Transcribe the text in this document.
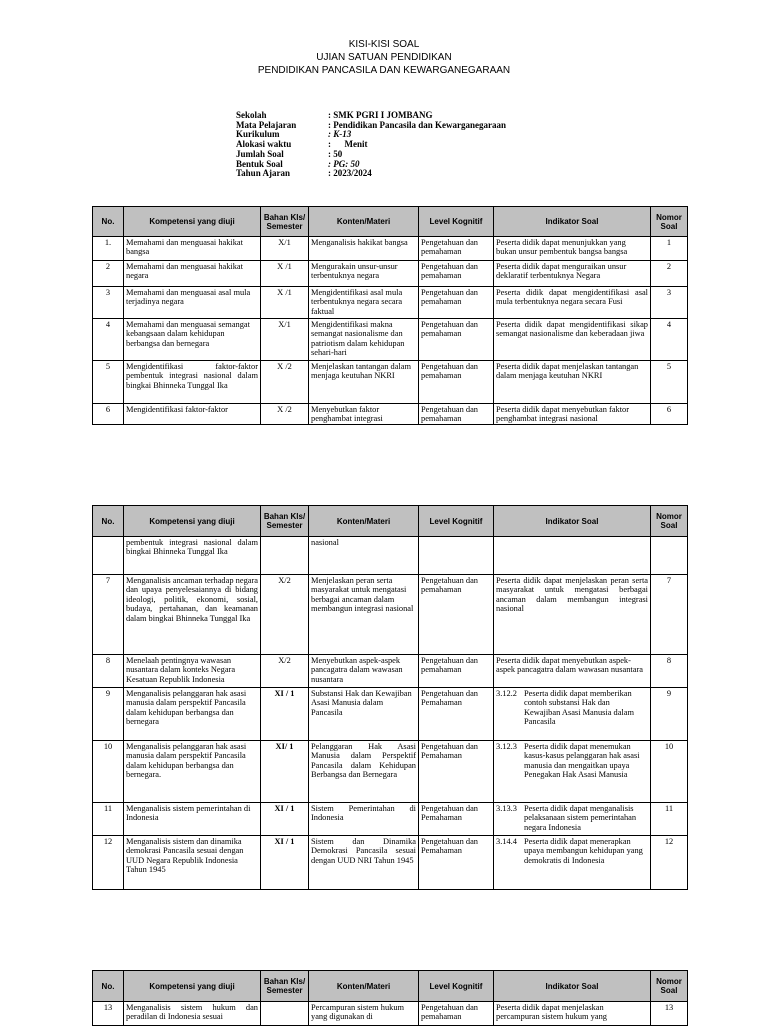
KISI-KISI SOAL
UJIAN SATUAN PENDIDIKAN
PENDIDIKAN PANCASILA DAN KEWARGANEGARAAN
Sekolah	: SMK PGRI I JOMBANG
Mata Pelajaran	: Pendidikan Pancasila dan Kewarganegaraan
Kurikulum	: K-13
Alokasi waktu	:      Menit
Jumlah Soal	: 50
Bentuk Soal	: PG: 50
Tahun Ajaran	: 2023/2024
No.	Kompetensi yang diuji	Bahan Kls/ Semester	Konten/Materi	Level Kognitif	Indikator Soal	Nomor Soal
1.	Memahami dan menguasai hakikat bangsa	X/1	Menganalisis hakikat bangsa	Pengetahuan dan pemahaman	Peserta didik dapat menunjukkan yang bukan unsur pembentuk bangsa bangsa	1
2	Memahami dan menguasai hakikat negara	X /1	Mengurakain unsur-unsur terbentuknya negara	Pengetahuan dan pemahaman	Peserta didik dapat menguraikan unsur deklaratif terbentuknya Negara	2
3	Memahami dan menguasai asal mula terjadinya negara	X /1	Mengidentifikasi asal mula terbentuknya negara secara faktual	Pengetahuan dan pemahaman	Peserta didik dapat mengidentifikasi asal mula terbentuknya negara secara Fusi	3
4	Memahami dan menguasai semangat kebangsaan dalam kehidupan berbangsa dan bernegara	X/1	Mengidentifikasi makna semangat nasionalisme dan patriotism dalam kehidupan sehari-hari	Pengetahuan dan pemahaman	Peserta didik dapat mengidentifikasi sikap semangat nasionalisme dan keberadaan jiwa	4
5	Mengidentifikasi faktor-faktor pembentuk integrasi nasional dalam bingkai Bhinneka Tunggal Ika	X /2	Menjelaskan tantangan dalam menjaga keutuhan NKRI	Pengetahuan dan pemahaman	Peserta didik dapat menjelaskan tantangan dalam menjaga keutuhan NKRI	5
6	Mengidentifikasi faktor-faktor	X /2	Menyebutkan faktor penghambat integrasi	Pengetahuan dan pemahaman	Peserta didik dapat menyebutkan faktor penghambat integrasi nasional	6
No.	Kompetensi yang diuji	Bahan Kls/ Semester	Konten/Materi	Level Kognitif	Indikator Soal	Nomor Soal
	pembentuk integrasi nasional dalam bingkai Bhinneka Tunggal Ika		nasional			
7	Menganalisis ancaman terhadap negara dan upaya penyelesaiannya di bidang ideologi, politik, ekonomi, sosial, budaya, pertahanan, dan keamanan dalam bingkai Bhinneka Tunggal Ika	X/2	Menjelaskan peran serta masyarakat untuk mengatasi berbagai ancaman dalam membangun integrasi nasional	Pengetahuan dan pemahaman	Peserta didik dapat menjelaskan peran serta masyarakat untuk mengatasi berbagai ancaman dalam membangun integrasi nasional	7
8	Menelaah pentingnya wawasan nusantara dalam konteks Negara Kesatuan Republik Indonesia	X/2	Menyebutkan aspek-aspek pancagatra dalam wawasan nusantara	Pengetahuan dan pemahaman	Peserta didik dapat menyebutkan aspek-aspek pancagatra dalam wawasan nusantara	8
9	Menganalisis pelanggaran hak asasi manusia dalam perspektif Pancasila dalam kehidupan berbangsa dan bernegara	XI / 1	Substansi Hak dan Kewajiban Asasi Manusia dalam Pancasila	Pengetahuan dan Pemahaman	3.12.2 Peserta didik dapat memberikan contoh substansi Hak dan Kewajiban Asasi Manusia dalam Pancasila	9
10	Menganalisis pelanggaran hak asasi manusia dalam perspektif Pancasila dalam kehidupan berbangsa dan bernegara.	XI/ 1	Pelanggaran Hak Asasi Manusia dalam Perspektif Pancasila dalam Kehidupan Berbangsa dan Bernegara	Pengetahuan dan Pemahaman	3.12.3 Peserta didik dapat menemukan kasus-kasus pelanggaran hak asasi manusia dan mengaitkan upaya Penegakan Hak Asasi Manusia	10
11	Menganalisis sistem pemerintahan di Indonesia	XI / 1	Sistem Pemerintahan di Indonesia	Pengetahuan dan Pemahaman	3.13.3 Peserta didik dapat menganalisis pelaksanaan sistem pemerintahan negara Indonesia	11
12	Menganalisis sistem dan dinamika demokrasi Pancasila sesuai dengan UUD Negara Republik Indonesia Tahun 1945	XI / 1	Sistem dan Dinamika Demokrasi Pancasila sesuai dengan UUD NRI Tahun 1945	Pengetahuan dan Pemahaman	3.14.4 Peserta didik dapat menerapkan upaya membangun kehidupan yang demokratis di Indonesia	12
No.	Kompetensi yang diuji	Bahan Kls/ Semester	Konten/Materi	Level Kognitif	Indikator Soal	Nomor Soal
13	Menganalisis sistem hukum dan peradilan di Indonesia sesuai		Percampuran sistem hukum yang digunakan di	Pengetahuan dan pemahaman	Peserta didik dapat menjelaskan percampuran sistem hukum yang	13
